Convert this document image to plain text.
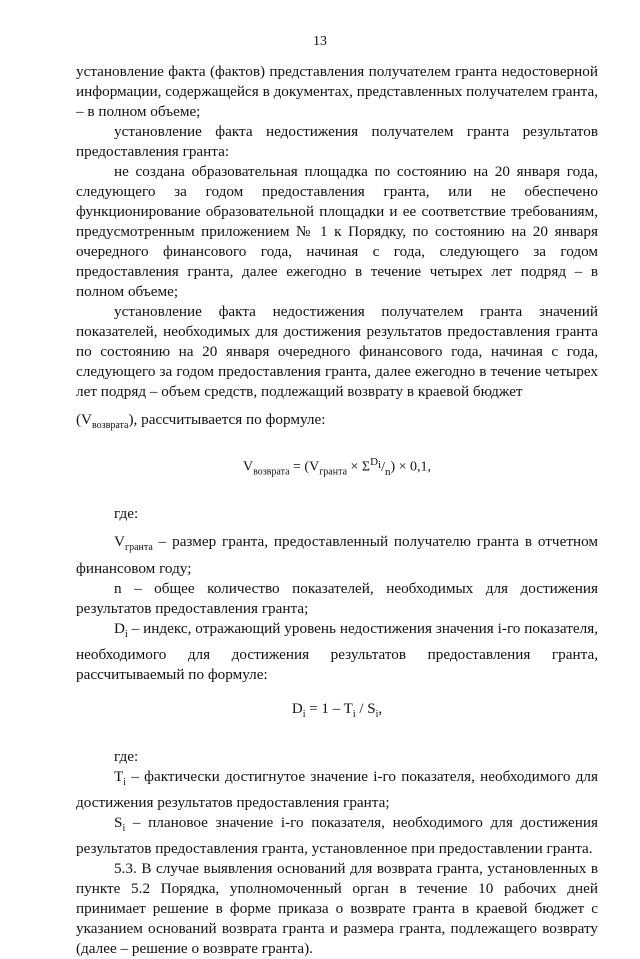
13

установление факта (фактов) представления получателем гранта недостоверной информации, содержащейся в документах, представленных получателем гранта, – в полном объеме;

установление факта недостижения получателем гранта результатов предоставления гранта:

не создана образовательная площадка по состоянию на 20 января года, следующего за годом предоставления гранта, или не обеспечено функционирование образовательной площадки и ее соответствие требованиям, предусмотренным приложением № 1 к Порядку, по состоянию на 20 января очередного финансового года, начиная с года, следующего за годом предоставления гранта, далее ежегодно в течение четырех лет подряд – в полном объеме;

установление факта недостижения получателем гранта значений показателей, необходимых для достижения результатов предоставления гранта по состоянию на 20 января очередного финансового года, начиная с года, следующего за годом предоставления гранта, далее ежегодно в течение четырех лет подряд – объем средств, подлежащий возврату в краевой бюджет

$(V_{возврата})$, рассчитывается по формуле:

$V_{возврата} = (V_{гранта} \times \Sigma^{D_i}/_n) \times 0,1$,

где:

$V_{гранта}$ – размер гранта, предоставленный получателю гранта в отчетном финансовом году;

n – общее количество показателей, необходимых для достижения результатов предоставления гранта;

$D_i$ – индекс, отражающий уровень недостижения значения i-го показателя, необходимого для достижения результатов предоставления гранта, рассчитываемый по формуле:

$D_i = 1 - T_i / S_i$,

где:

$T_i$ – фактически достигнутое значение i-го показателя, необходимого для достижения результатов предоставления гранта;

$S_i$ – плановое значение i-го показателя, необходимого для достижения результатов предоставления гранта, установленное при предоставлении гранта.

5.3. В случае выявления оснований для возврата гранта, установленных в пункте 5.2 Порядка, уполномоченный орган в течение 10 рабочих дней принимает решение в форме приказа о возврате гранта в краевой бюджет с указанием оснований возврата гранта и размера гранта, подлежащего возврату (далее – решение о возврате гранта).
